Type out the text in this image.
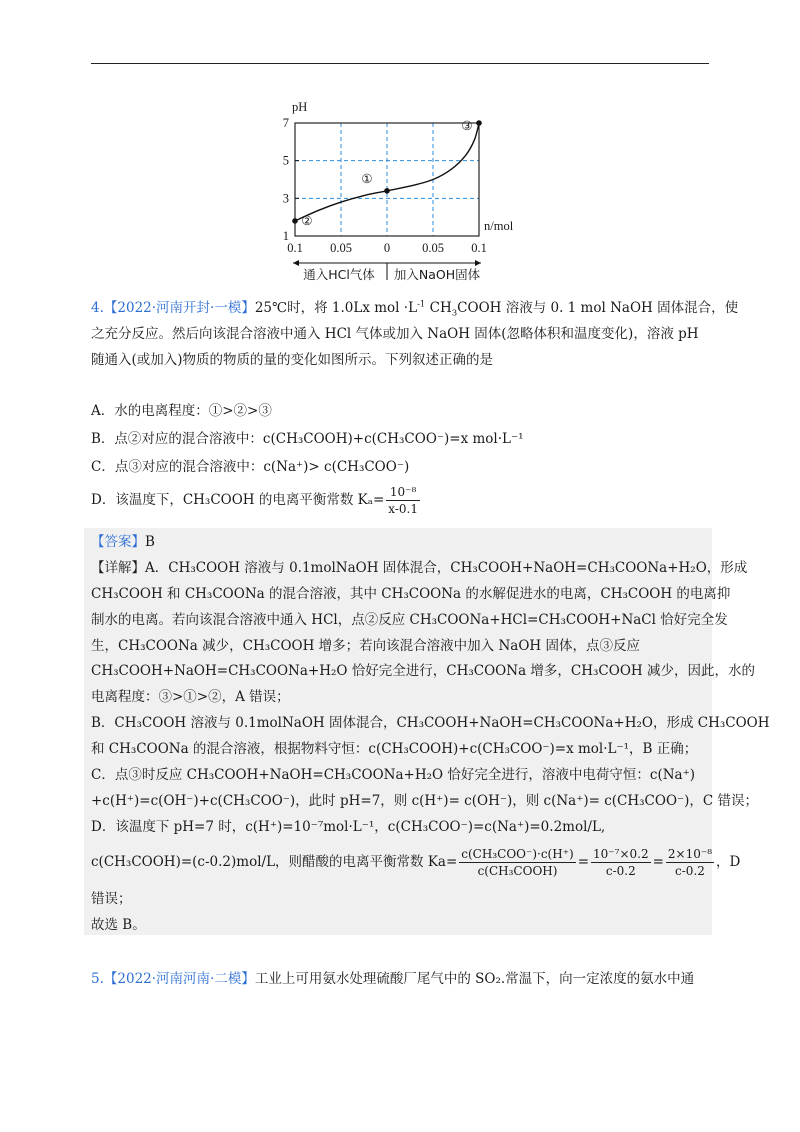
1
3
5
7
pH
n/mol
0.1 0.05	0	0.05 0.1
通入HCl气体 加入NaOH固体
②
①
③
4.【2022·河南开封·一模】25℃时，将 1.0Lx mol $\cdot L^{-1}$ $CH_3COOH$ 溶液与 0. 1 mol NaOH 固体混合，使
之充分反应。然后向该混合溶液中通入 HCl 气体或加入 NaOH 固体(忽略体积和温度变化)，溶液 pH
随通入(或加入)物质的物质的量的变化如图所示。下列叙述正确的是
A．水的电离程度：①>②>③
B．点②对应的混合溶液中：c(CH₃COOH)+c(CH₃COO⁻)=x mol·L⁻¹
C．点③对应的混合溶液中：c(Na⁺)> c(CH₃COO⁻)
D．该温度下，CH₃COOH 的电离平衡常数 $K_a= \frac{\text{10⁻⁸}}{x-0.1}$
【答案】B
【详解】A．CH₃COOH 溶液与 0.1molNaOH 固体混合，CH₃COOH+NaOH=CH₃COONa+H₂O，形成
CH₃COOH 和 CH₃COONa 的混合溶液，其中 CH₃COONa 的水解促进水的电离，CH₃COOH 的电离抑
制水的电离。若向该混合溶液中通入 HCl，点②反应 CH₃COONa+HCl=CH₃COOH+NaCl 恰好完全发
生，CH₃COONa 减少，CH₃COOH 增多；若向该混合溶液中加入 NaOH 固体，点③反应
CH₃COOH+NaOH=CH₃COONa+H₂O 恰好完全进行，CH₃COONa 增多，CH₃COOH 减少，因此，水的
电离程度：③>①>②，A 错误；
B．CH₃COOH 溶液与 0.1molNaOH 固体混合，CH₃COOH+NaOH=CH₃COONa+H₂O，形成 CH₃COOH
和 CH₃COONa 的混合溶液，根据物料守恒：c(CH₃COOH)+c(CH₃COO⁻)=x mol·L⁻¹，B 正确；
C．点③时反应 CH₃COOH+NaOH=CH₃COONa+H₂O 恰好完全进行，溶液中电荷守恒：c(Na⁺)
+c(H⁺)=c(OH⁻)+c(CH₃COO⁻)，此时 pH=7，则 c(H⁺)= c(OH⁻)，则 c(Na⁺)= c(CH₃COO⁻)，C 错误；
D．该温度下 pH=7 时，c(H⁺)=10⁻⁷mol·L⁻¹，c(CH₃COO⁻)=c(Na⁺)=0.2mol/L,
c(CH₃COOH)=(c-0.2)mol/L，则醋酸的电离平衡常数 $Ka= \frac{\text{c(CH₃COO⁻)·c(H⁺)}}{\text{c(CH₃COOH)}} = \frac{\text{10⁻⁷×0.2}}{c-0.2} = \frac{\text{2×10⁻⁸}}{c-0.2}$ ，D
错误；
故选 B。
5.【2022·河南河南·二模】工业上可用氨水处理硫酸厂尾气中的 SO₂.常温下，向一定浓度的氨水中通
